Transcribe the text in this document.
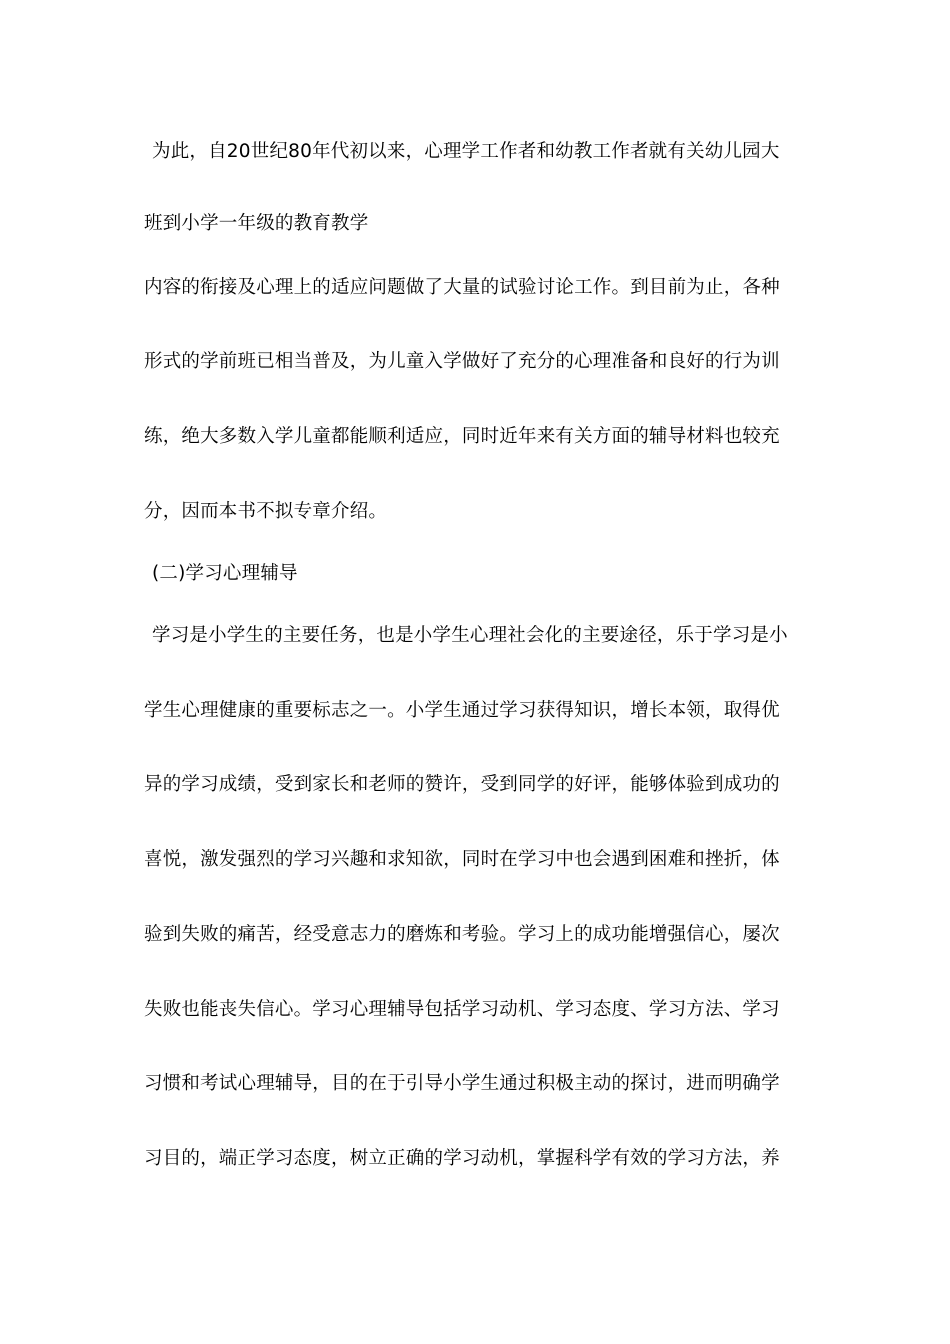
为此，自20世纪80年代初以来，心理学工作者和幼教工作者就有关幼儿园大
班到小学一年级的教育教学
内容的衔接及心理上的适应问题做了大量的试验讨论工作。到目前为止，各种
形式的学前班已相当普及，为儿童入学做好了充分的心理准备和良好的行为训
练，绝大多数入学儿童都能顺利适应，同时近年来有关方面的辅导材料也较充
分，因而本书不拟专章介绍。
(二)学习心理辅导
学习是小学生的主要任务，也是小学生心理社会化的主要途径，乐于学习是小
学生心理健康的重要标志之一。小学生通过学习获得知识，增长本领，取得优
异的学习成绩，受到家长和老师的赞许，受到同学的好评，能够体验到成功的
喜悦，激发强烈的学习兴趣和求知欲，同时在学习中也会遇到困难和挫折，体
验到失败的痛苦，经受意志力的磨炼和考验。学习上的成功能增强信心，屡次
失败也能丧失信心。学习心理辅导包括学习动机、学习态度、学习方法、学习
习惯和考试心理辅导，目的在于引导小学生通过积极主动的探讨，进而明确学
习目的，端正学习态度，树立正确的学习动机，掌握科学有效的学习方法，养
